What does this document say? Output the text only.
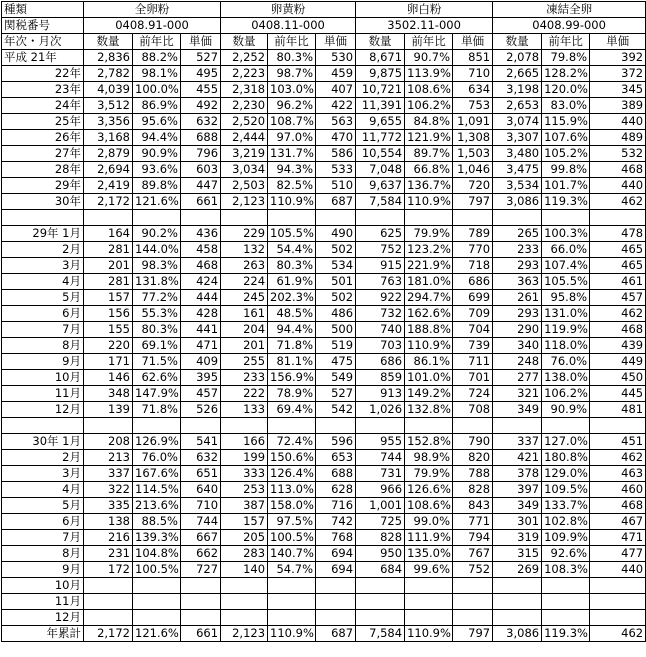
種類	全卵粉			卵黄粉			卵白粉			凍結全卵		
関税番号	0408.91-000			0408.11-000			3502.11-000			0408.99-000		
年次・月次	数量	前年比	単価	数量	前年比	単価	数量	前年比	単価	数量	前年比	単価
平成 21年	2,836	88.2%	527	2,252	80.3%	530	8,671	90.7%	851	2,078	79.8%	392
22年	2,782	98.1%	495	2,223	98.7%	459	9,875	113.9%	710	2,665	128.2%	372
23年	4,039	100.0%	455	2,318	103.0%	407	10,721	108.6%	634	3,198	120.0%	345
24年	3,512	86.9%	492	2,230	96.2%	422	11,391	106.2%	753	2,653	83.0%	389
25年	3,356	95.6%	632	2,520	108.7%	563	9,655	84.8%	1,091	3,074	115.9%	440
26年	3,168	94.4%	688	2,444	97.0%	470	11,772	121.9%	1,308	3,307	107.6%	489
27年	2,879	90.9%	796	3,219	131.7%	586	10,554	89.7%	1,503	3,480	105.2%	532
28年	2,694	93.6%	603	3,034	94.3%	533	7,048	66.8%	1,046	3,475	99.8%	468
29年	2,419	89.8%	447	2,503	82.5%	510	9,637	136.7%	720	3,534	101.7%	440
30年	2,172	121.6%	661	2,123	110.9%	687	7,584	110.9%	797	3,086	119.3%	462

29年 1月	164	90.2%	436	229	105.5%	490	625	79.9%	789	265	100.3%	478
2月	281	144.0%	458	132	54.4%	502	752	123.2%	770	233	66.0%	465
3月	201	98.3%	468	263	80.3%	534	915	221.9%	718	293	107.4%	465
4月	281	131.8%	424	224	61.9%	501	763	181.0%	686	363	105.5%	461
5月	157	77.2%	444	245	202.3%	502	922	294.7%	699	261	95.8%	457
6月	156	55.3%	428	161	48.5%	486	732	162.6%	709	293	131.0%	462
7月	155	80.3%	441	204	94.4%	500	740	188.8%	704	290	119.9%	468
8月	220	69.1%	471	201	71.8%	519	703	110.9%	739	340	118.0%	439
9月	171	71.5%	409	255	81.1%	475	686	86.1%	711	248	76.0%	449
10月	146	62.6%	395	233	156.9%	549	859	101.0%	701	277	138.0%	450
11月	348	147.9%	457	222	78.9%	527	913	149.2%	724	321	106.2%	445
12月	139	71.8%	526	133	69.4%	542	1,026	132.8%	708	349	90.9%	481

30年 1月	208	126.9%	541	166	72.4%	596	955	152.8%	790	337	127.0%	451
2月	213	76.0%	632	199	150.6%	653	744	98.9%	820	421	180.8%	462
3月	337	167.6%	651	333	126.4%	688	731	79.9%	788	378	129.0%	463
4月	322	114.5%	640	253	113.0%	628	966	126.6%	828	397	109.5%	460
5月	335	213.6%	710	387	158.0%	716	1,001	108.6%	843	349	133.7%	468
6月	138	88.5%	744	157	97.5%	742	725	99.0%	771	301	102.8%	467
7月	216	139.3%	667	205	100.5%	768	828	111.9%	794	319	109.9%	471
8月	231	104.8%	662	283	140.7%	694	950	135.0%	767	315	92.6%	477
9月	172	100.5%	727	140	54.7%	694	684	99.6%	752	269	108.3%	440
10月												
11月												
12月												
年累計	2,172	121.6%	661	2,123	110.9%	687	7,584	110.9%	797	3,086	119.3%	462
